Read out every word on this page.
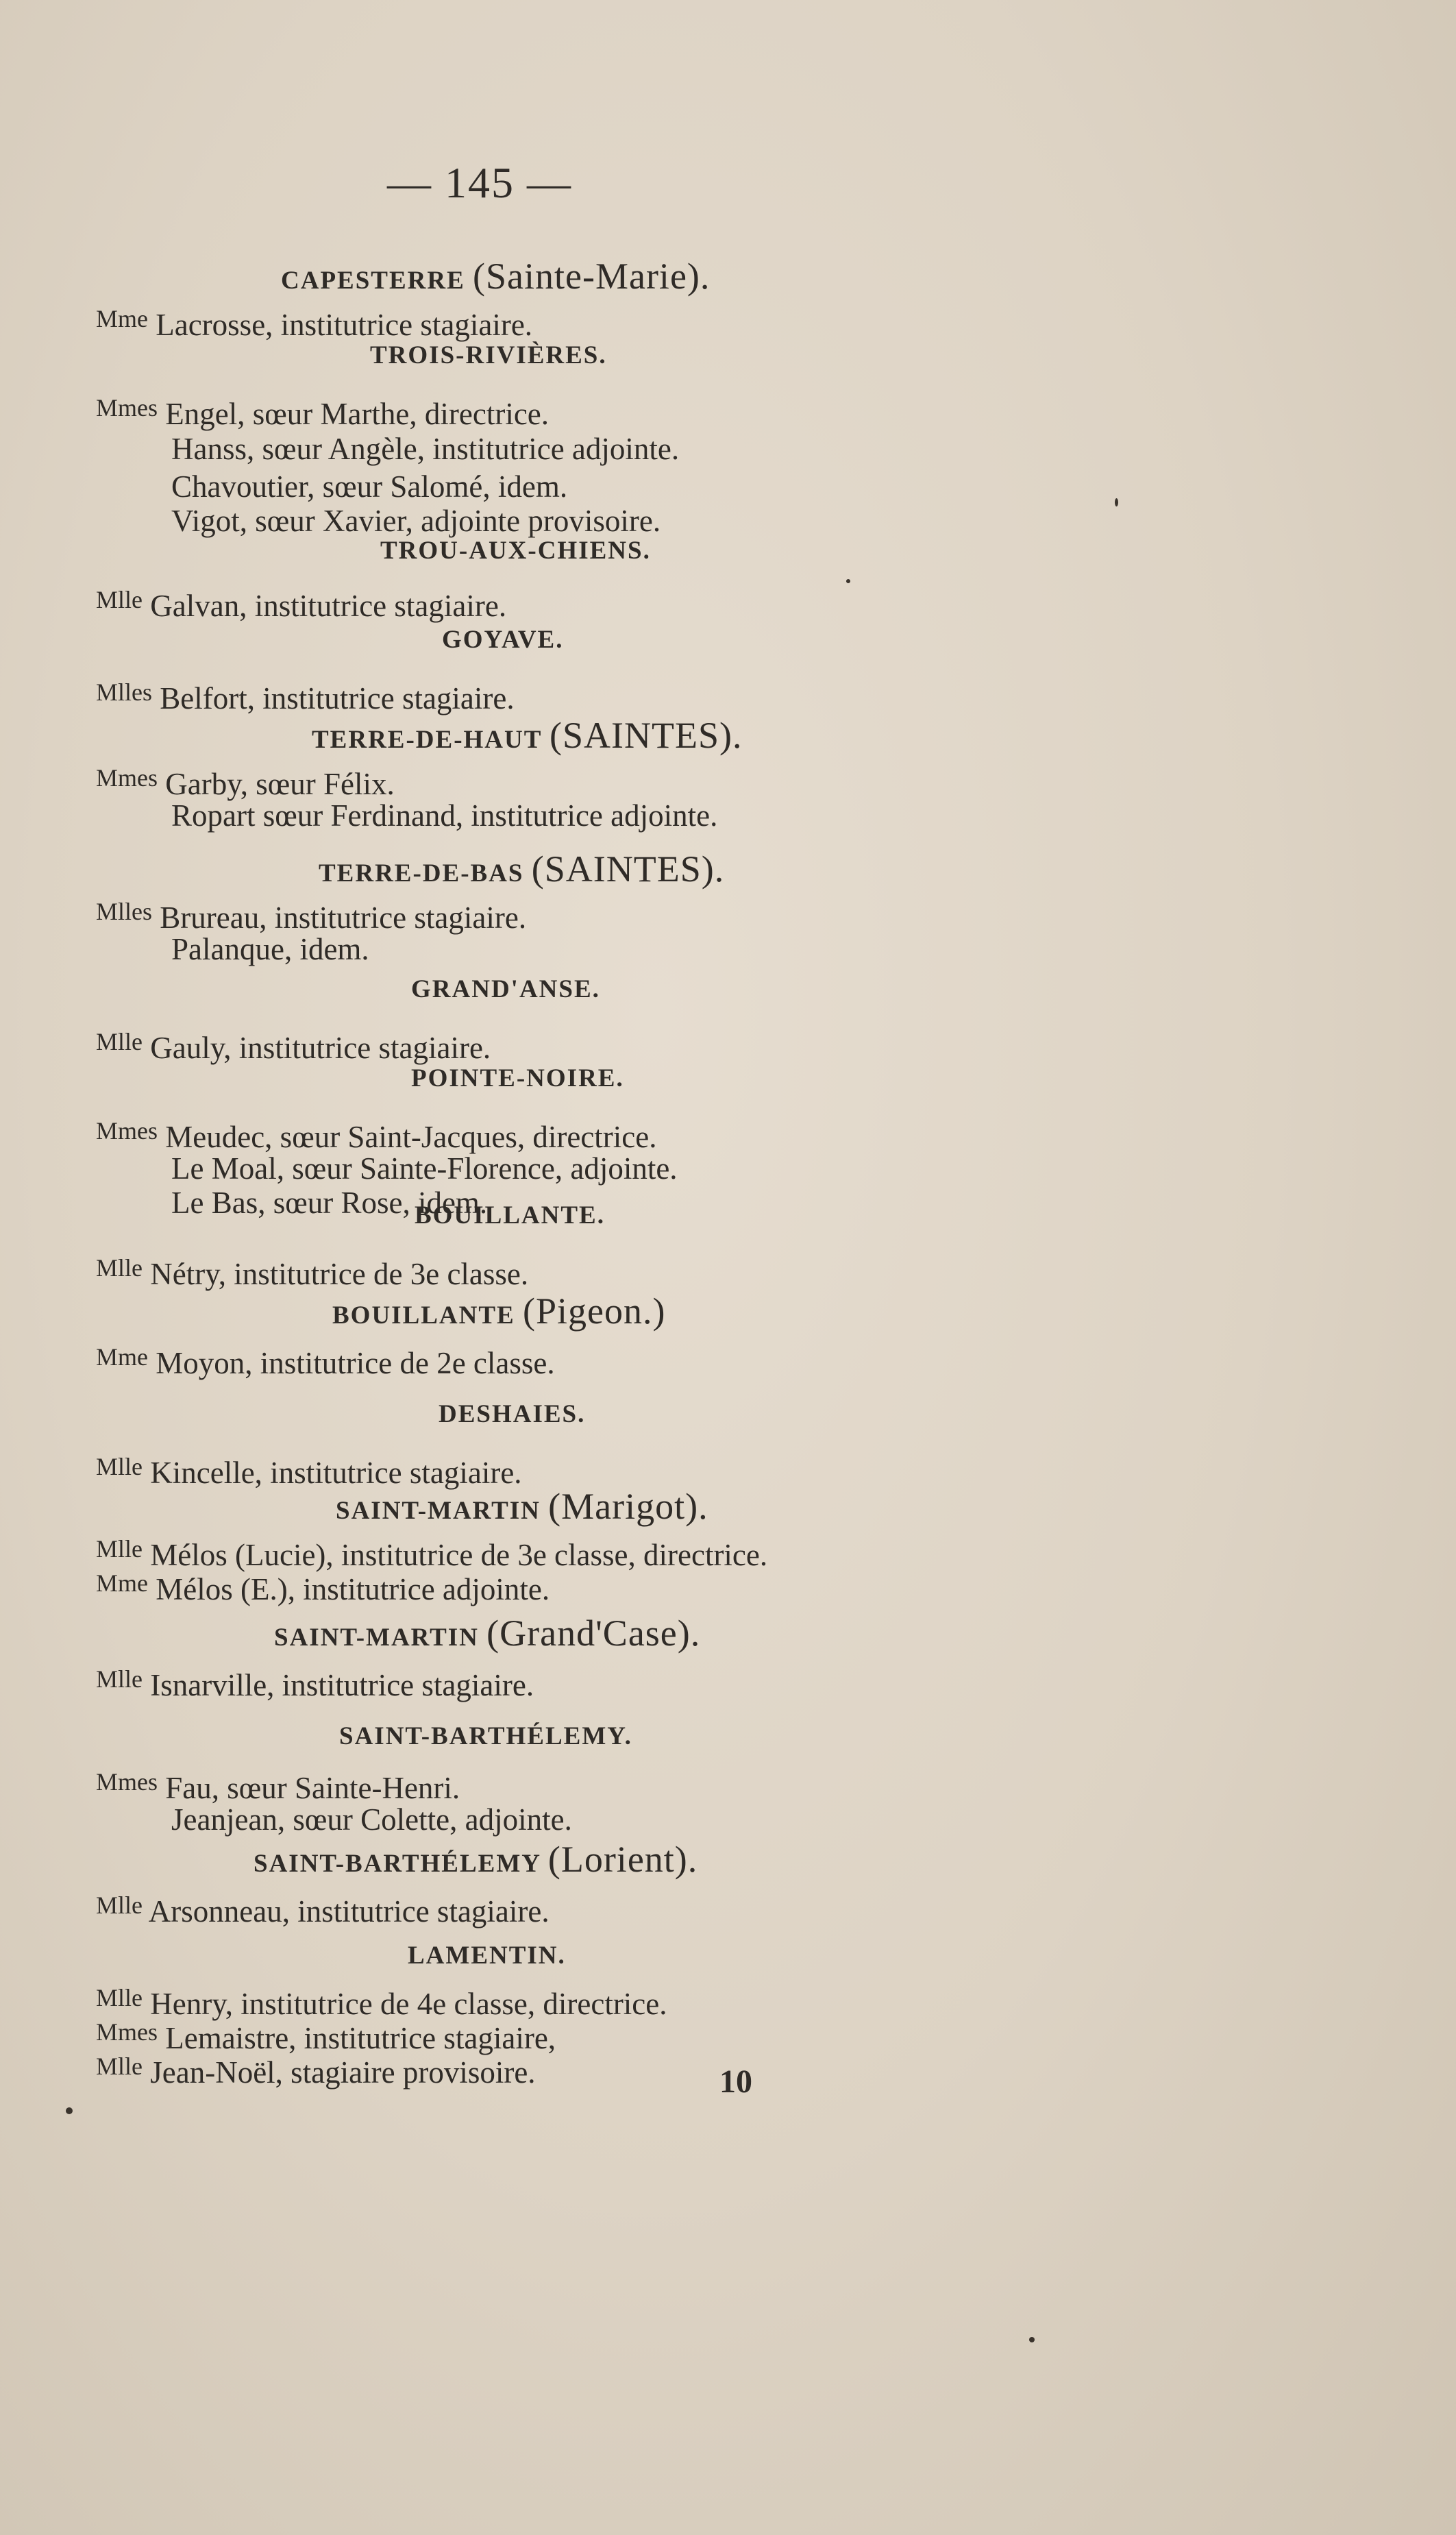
— 145 —
CAPESTERRE (Sainte-Marie).
$^{Mme}$ Lacrosse, institutrice stagiaire.
TROIS-RIVIÈRES.
$^{Mmes}$ Engel, sœur Marthe, directrice.
Hanss, sœur Angèle, institutrice adjointe.
Chavoutier, sœur Salomé, idem.
Vigot, sœur Xavier, adjointe provisoire.
TROU-AUX-CHIENS.
$^{Mlle}$ Galvan, institutrice stagiaire.
GOYAVE.
$^{Mlles}$ Belfort, institutrice stagiaire.
TERRE-DE-HAUT (SAINTES).
$^{Mmes}$ Garby, sœur Félix.
Ropart sœur Ferdinand, institutrice adjointe.
TERRE-DE-BAS (SAINTES).
$^{Mlles}$ Brureau, institutrice stagiaire.
Palanque, idem.
GRAND'ANSE.
$^{Mlle}$ Gauly, institutrice stagiaire.
POINTE-NOIRE.
$^{Mmes}$ Meudec, sœur Saint-Jacques, directrice.
Le Moal, sœur Sainte-Florence, adjointe.
Le Bas, sœur Rose, idem.
BOUILLANTE.
$^{Mlle}$ Nétry, institutrice de 3e classe.
BOUILLANTE (Pigeon.)
$^{Mme}$ Moyon, institutrice de 2e classe.
DESHAIES.
$^{Mlle}$ Kincelle, institutrice stagiaire.
SAINT-MARTIN (Marigot).
$^{Mlle}$ Mélos (Lucie), institutrice de 3e classe, directrice.
$^{Mme}$ Mélos (E.), institutrice adjointe.
SAINT-MARTIN (Grand'Case).
$^{Mlle}$ Isnarville, institutrice stagiaire.
SAINT-BARTHÉLEMY.
$^{Mmes}$ Fau, sœur Sainte-Henri.
Jeanjean, sœur Colette, adjointe.
SAINT-BARTHÉLEMY (Lorient).
$^{Mlle}$ Arsonneau, institutrice stagiaire.
LAMENTIN.
$^{Mlle}$ Henry, institutrice de 4e classe, directrice.
$^{Mmes}$ Lemaistre, institutrice stagiaire,
$^{Mlle}$ Jean-Noël, stagiaire provisoire.	10
